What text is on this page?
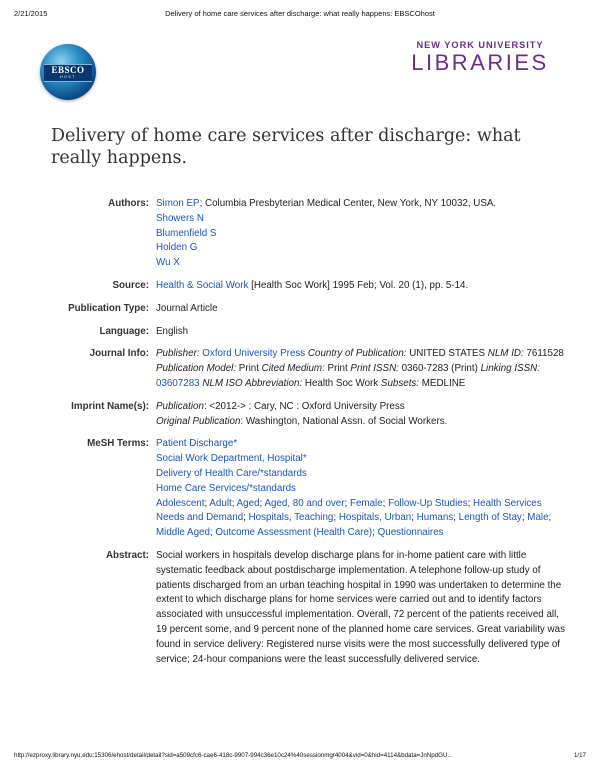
2/21/2015	Delivery of home care services after discharge: what really happens: EBSCOhost
EBSCO
HOST
NEW YORK UNIVERSITY
LIBRARIES
Delivery of home care services after discharge: what really happens.
Authors: Simon EP; Columbia Presbyterian Medical Center, New York, NY 10032, USA.
Showers N
Blumenfield S
Holden G
Wu X
Source: Health & Social Work [Health Soc Work] 1995 Feb; Vol. 20 (1), pp. 5-14.
Publication Type: Journal Article
Language: English
Journal Info: Publisher: Oxford University Press Country of Publication: UNITED STATES NLM ID: 7611528 Publication Model: Print Cited Medium: Print Print ISSN: 0360-7283 (Print) Linking ISSN: 03607283 NLM ISO Abbreviation: Health Soc Work Subsets: MEDLINE
Imprint Name(s): Publication: <2012-> : Cary, NC : Oxford University Press
Original Publication: Washington, National Assn. of Social Workers.
MeSH Terms: Patient Discharge*
Social Work Department, Hospital*
Delivery of Health Care/*standards
Home Care Services/*standards
Adolescent; Adult; Aged; Aged, 80 and over; Female; Follow-Up Studies; Health Services Needs and Demand; Hospitals, Teaching; Hospitals, Urban; Humans; Length of Stay; Male; Middle Aged; Outcome Assessment (Health Care); Questionnaires
Abstract: Social workers in hospitals develop discharge plans for in-home patient care with little systematic feedback about postdischarge implementation. A telephone follow-up study of patients discharged from an urban teaching hospital in 1990 was undertaken to determine the extent to which discharge plans for home services were carried out and to identify factors associated with unsuccessful implementation. Overall, 72 percent of the patients received all, 19 percent some, and 9 percent none of the planned home care services. Great variability was found in service delivery: Registered nurse visits were the most successfully delivered type of service; 24-hour companions were the least successfully delivered service.
http://ezproxy.library.nyu.edu:15306/ehost/detail/detail?sid=a509cfc6-cae6-418c-9907-994c36e10c24%40sessionmgr4004&vid=0&hid=4114&bdata=JnNpdGU...	1/17
